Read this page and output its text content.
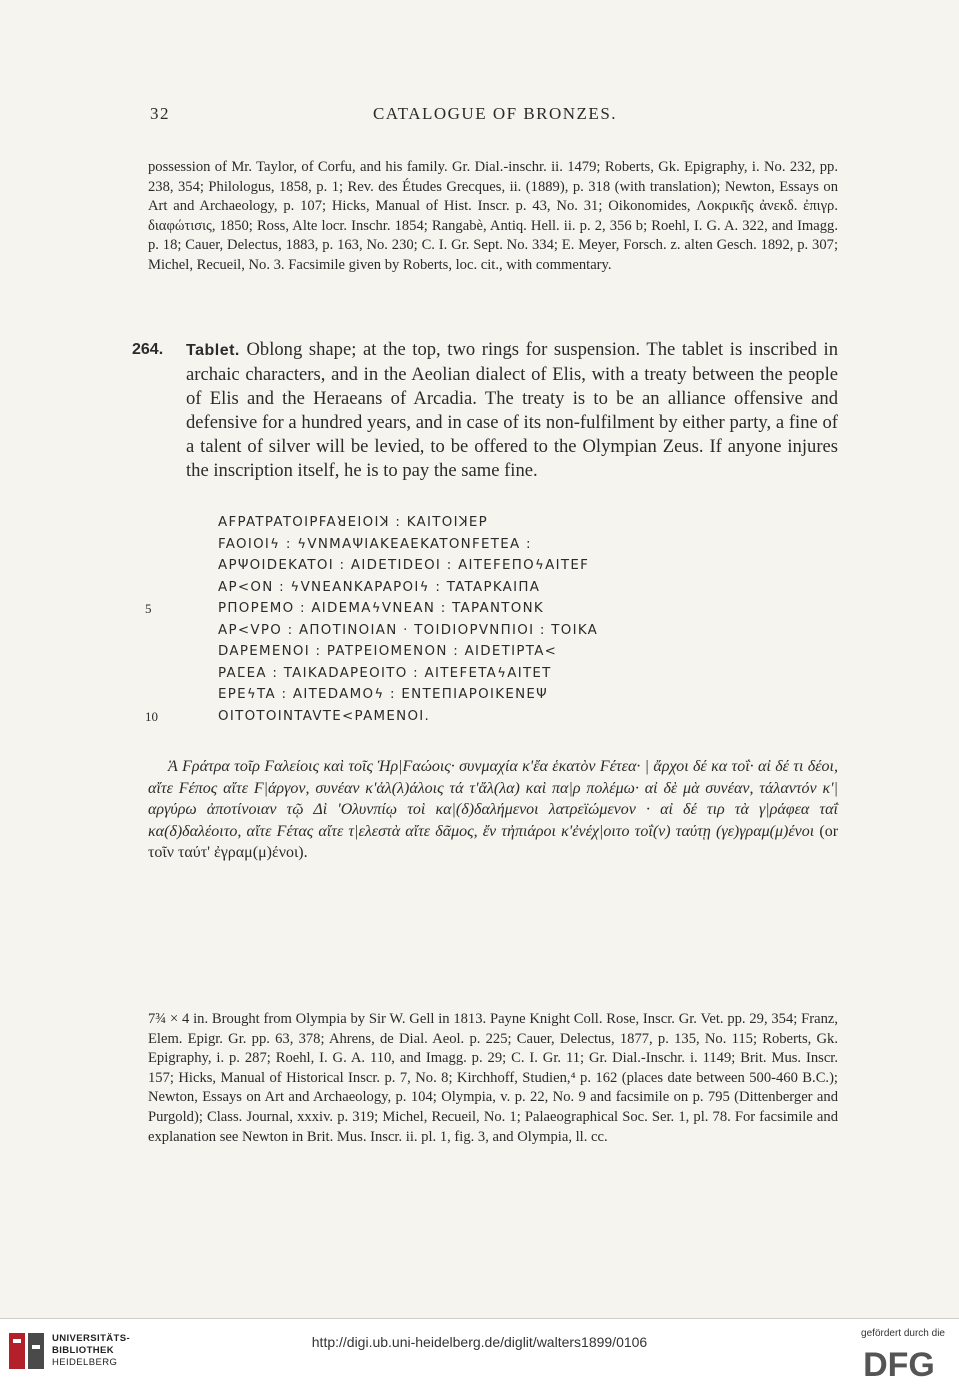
32	CATALOGUE OF BRONZES.

possession of Mr. Taylor, of Corfu, and his family. Gr. Dial.-inschr. ii. 1479; Roberts, Gk. Epigraphy, i. No. 232, pp. 238, 354; Philologus, 1858, p. 1; Rev. des Études Grecques, ii. (1889), p. 318 (with translation); Newton, Essays on Art and Archaeology, p. 107; Hicks, Manual of Hist. Inscr. p. 43, No. 31; Oikonomides, Λοκρικῆς ἀνεκδ. ἐπιγρ. διαφώτισις, 1850; Ross, Alte locr. Inschr. 1854; Rangabè, Antiq. Hell. ii. p. 2, 356 b; Roehl, I. G. A. 322, and Imagg. p. 18; Cauer, Delectus, 1883, p. 163, No. 230; C. I. Gr. Sept. No. 334; E. Meyer, Forsch. z. alten Gesch. 1892, p. 307; Michel, Recueil, No. 3. Facsimile given by Roberts, loc. cit., with commentary.

264.	Tablet. Oblong shape; at the top, two rings for suspension. The tablet is inscribed in archaic characters, and in the Aeolian dialect of Elis, with a treaty between the people of Elis and the Heraeans of Arcadia. The treaty is to be an alliance offensive and defensive for a hundred years, and in case of its non-fulfilment by either party, a fine of a talent of silver will be levied, to be offered to the Olympian Zeus. If anyone injures the inscription itself, he is to pay the same fine.
AFPATPATOIPFAꓤEIOIꓘ : KAITOIꓘEP
FAOIOIϟ : ϟVNMAΨIAKEAEKATONFETEA :
APΨOIDEKATOI : AIDETIDEOI : AITEFEΠOϟAITEF
AP<ON : ϟVNEANKAPAPOIϟ : TATAPKAIΠA
5	PΠOPEMO : AIDEMAϟVNEAN : TAPANTONK
AP<VPO : AΠOTINOIAN · TOIDIOPVNΠIOI : TOIKA
DAPEMENOI : PATPEIOMENON : AIDETIPTA<
PAⵎEA : TAIKADAPEOITO : AITEFETAϟAITET
EPEϟTA : AITEDAMOϟ : ENTEΠIAPOIKENEΨ
10	OITOTOINTAVTE<PAMENOI.

Ἁ Ϝράτρα τοῖρ Ϝαλείοις καὶ τοῖς Ἡρ|Ϝαώοις· συνμαχία κ'ἔα ἑκατὸν Ϝέτεα· | ἄρχοι δέ κα τοΐ· αἰ δέ τι δέοι, αἴτε Ϝέπος αἴτε Ϝ|άργον, συνέαν κ'ἀλ(λ)άλοις τά τ'ἄλ(λα) καὶ πα|ρ πολέμω· αἰ δὲ μὰ συνέαν, τάλαντόν κ'|αργύρω ἀποτίνοιαν τῷ Δὶ 'Ολυνπίῳ τοὶ κα|(δ)δαλήμενοι λατρεϊώμενον · αἰ δέ τιρ τὰ γ|ράφεα ταΐ κα(δ)δαλέοιτο, αἴτε Ϝέτας αἴτε τ|ελεστὰ αἴτε δᾶμος, ἔν τἠπιάροι κ'ἐνέχ|οιτο τοΐ(ν) ταύτῃ (γε)γραμ(μ)ένοι (or τοῖν ταύτ' ἐγραμ(μ)ένοι).

7¾ × 4 in. Brought from Olympia by Sir W. Gell in 1813. Payne Knight Coll. Rose, Inscr. Gr. Vet. pp. 29, 354; Franz, Elem. Epigr. Gr. pp. 63, 378; Ahrens, de Dial. Aeol. p. 225; Cauer, Delectus, 1877, p. 135, No. 115; Roberts, Gk. Epigraphy, i. p. 287; Roehl, I. G. A. 110, and Imagg. p. 29; C. I. Gr. 11; Gr. Dial.-Inschr. i. 1149; Brit. Mus. Inscr. 157; Hicks, Manual of Historical Inscr. p. 7, No. 8; Kirchhoff, Studien,⁴ p. 162 (places date between 500-460 B.C.); Newton, Essays on Art and Archaeology, p. 104; Olympia, v. p. 22, No. 9 and facsimile on p. 795 (Dittenberger and Purgold); Class. Journal, xxxiv. p. 319; Michel, Recueil, No. 1; Palaeographical Soc. Ser. 1, pl. 78. For facsimile and explanation see Newton in Brit. Mus. Inscr. ii. pl. 1, fig. 3, and Olympia, ll. cc.

UNIVERSITÄTS-
BIBLIOTHEK
HEIDELBERG
http://digi.ub.uni-heidelberg.de/diglit/walters1899/0106
gefördert durch die
DFG
